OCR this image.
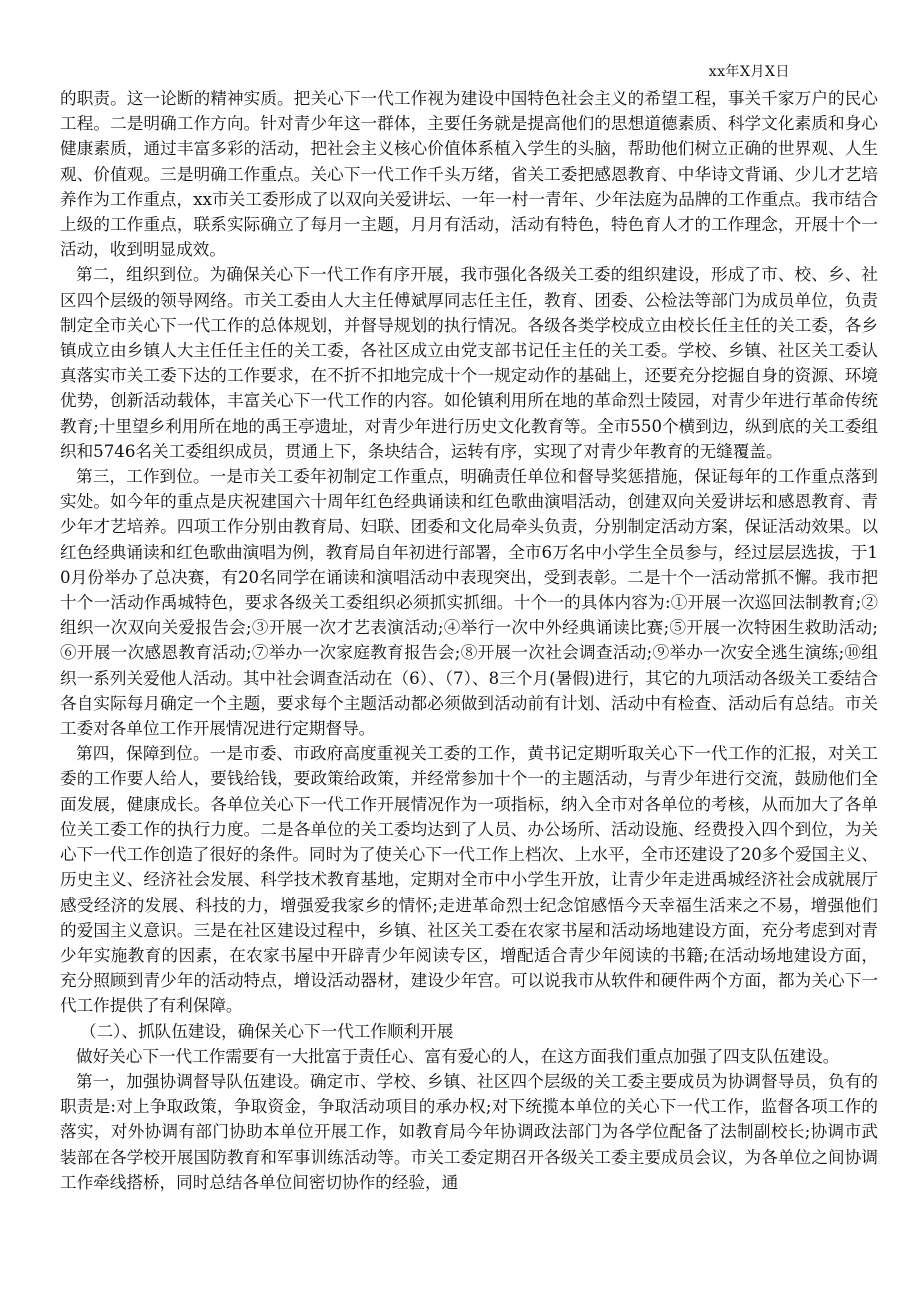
xx年X月X日

的职责。这一论断的精神实质。把关心下一代工作视为建设中国特色社会主义的希望工程，事关千家万户的民心工程。二是明确工作方向。针对青少年这一群体，主要任务就是提高他们的思想道德素质、科学文化素质和身心健康素质，通过丰富多彩的活动，把社会主义核心价值体系植入学生的头脑，帮助他们树立正确的世界观、人生观、价值观。三是明确工作重点。关心下一代工作千头万绪，省关工委把感恩教育、中华诗文背诵、少儿才艺培养作为工作重点，xx市关工委形成了以双向关爱讲坛、一年一村一青年、少年法庭为品牌的工作重点。我市结合上级的工作重点，联系实际确立了每月一主题，月月有活动，活动有特色，特色育人才的工作理念，开展十个一活动，收到明显成效。

第二，组织到位。为确保关心下一代工作有序开展，我市强化各级关工委的组织建设，形成了市、校、乡、社区四个层级的领导网络。市关工委由人大主任傅斌厚同志任主任，教育、团委、公检法等部门为成员单位，负责制定全市关心下一代工作的总体规划，并督导规划的执行情况。各级各类学校成立由校长任主任的关工委，各乡镇成立由乡镇人大主任任主任的关工委，各社区成立由党支部书记任主任的关工委。学校、乡镇、社区关工委认真落实市关工委下达的工作要求，在不折不扣地完成十个一规定动作的基础上，还要充分挖掘自身的资源、环境优势，创新活动载体，丰富关心下一代工作的内容。如伦镇利用所在地的革命烈士陵园，对青少年进行革命传统教育;十里望乡利用所在地的禹王亭遗址，对青少年进行历史文化教育等。全市550个横到边，纵到底的关工委组织和5746名关工委组织成员，贯通上下，条块结合，运转有序，实现了对青少年教育的无缝覆盖。

第三，工作到位。一是市关工委年初制定工作重点，明确责任单位和督导奖惩措施，保证每年的工作重点落到实处。如今年的重点是庆祝建国六十周年红色经典诵读和红色歌曲演唱活动，创建双向关爱讲坛和感恩教育、青少年才艺培养。四项工作分别由教育局、妇联、团委和文化局牵头负责，分别制定活动方案，保证活动效果。以红色经典诵读和红色歌曲演唱为例，教育局自年初进行部署，全市6万名中小学生全员参与，经过层层选拔，于10月份举办了总决赛，有20名同学在诵读和演唱活动中表现突出，受到表彰。二是十个一活动常抓不懈。我市把十个一活动作禹城特色，要求各级关工委组织必须抓实抓细。十个一的具体内容为:①开展一次巡回法制教育;②组织一次双向关爱报告会;③开展一次才艺表演活动;④举行一次中外经典诵读比赛;⑤开展一次特困生救助活动;⑥开展一次感恩教育活动;⑦举办一次家庭教育报告会;⑧开展一次社会调查活动;⑨举办一次安全逃生演练;⑩组织一系列关爱他人活动。其中社会调查活动在（6）、（7）、8三个月(暑假)进行，其它的九项活动各级关工委结合各自实际每月确定一个主题，要求每个主题活动都必须做到活动前有计划、活动中有检查、活动后有总结。市关工委对各单位工作开展情况进行定期督导。

第四，保障到位。一是市委、市政府高度重视关工委的工作，黄书记定期听取关心下一代工作的汇报，对关工委的工作要人给人，要钱给钱，要政策给政策，并经常参加十个一的主题活动，与青少年进行交流，鼓励他们全面发展，健康成长。各单位关心下一代工作开展情况作为一项指标，纳入全市对各单位的考核，从而加大了各单位关工委工作的执行力度。二是各单位的关工委均达到了人员、办公场所、活动设施、经费投入四个到位，为关心下一代工作创造了很好的条件。同时为了使关心下一代工作上档次、上水平，全市还建设了20多个爱国主义、历史主义、经济社会发展、科学技术教育基地，定期对全市中小学生开放，让青少年走进禹城经济社会成就展厅感受经济的发展、科技的力，增强爱我家乡的情怀;走进革命烈士纪念馆感悟今天幸福生活来之不易，增强他们的爱国主义意识。三是在社区建设过程中，乡镇、社区关工委在农家书屋和活动场地建设方面，充分考虑到对青少年实施教育的因素，在农家书屋中开辟青少年阅读专区，增配适合青少年阅读的书籍;在活动场地建设方面，充分照顾到青少年的活动特点，增设活动器材，建设少年宫。可以说我市从软件和硬件两个方面，都为关心下一代工作提供了有利保障。

（二）、抓队伍建设，确保关心下一代工作顺利开展

做好关心下一代工作需要有一大批富于责任心、富有爱心的人，在这方面我们重点加强了四支队伍建设。

第一，加强协调督导队伍建设。确定市、学校、乡镇、社区四个层级的关工委主要成员为协调督导员，负有的职责是:对上争取政策，争取资金，争取活动项目的承办权;对下统揽本单位的关心下一代工作，监督各项工作的落实，对外协调有部门协助本单位开展工作，如教育局今年协调政法部门为各学位配备了法制副校长;协调市武装部在各学校开展国防教育和军事训练活动等。市关工委定期召开各级关工委主要成员会议，为各单位之间协调工作牵线搭桥，同时总结各单位间密切协作的经验，通
